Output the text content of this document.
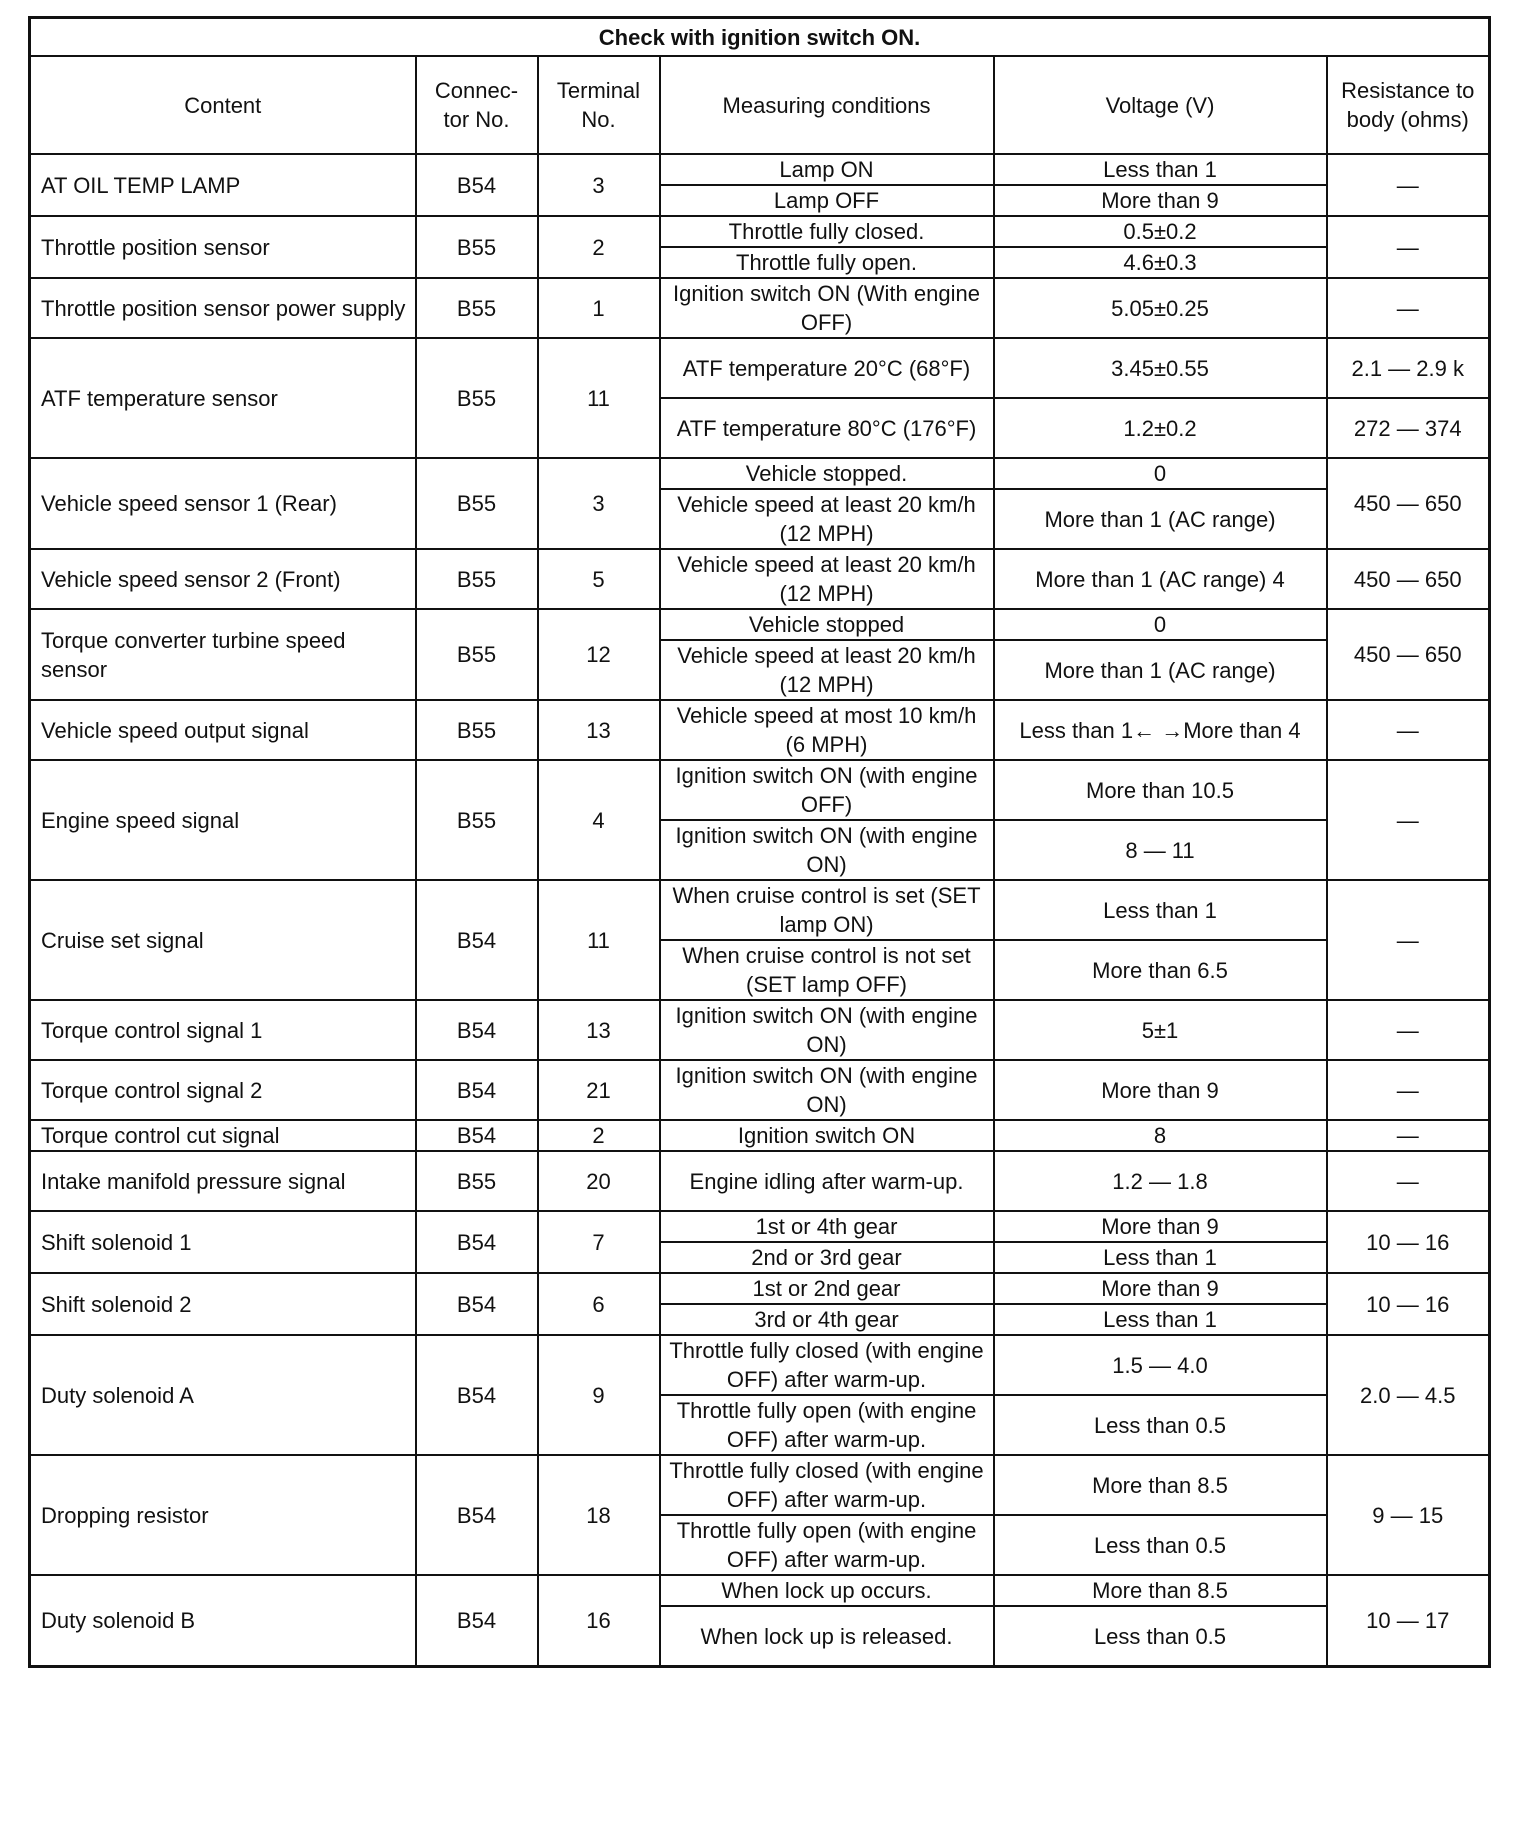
Check with ignition switch ON.					
Content	Connec- tor No.	Terminal No.	Measuring conditions	Voltage (V)	Resistance to body (ohms)
AT OIL TEMP LAMP	B54	3	Lamp ON	Less than 1	—
			Lamp OFF	More than 9	
Throttle position sensor	B55	2	Throttle fully closed.	0.5±0.2	—
			Throttle fully open.	4.6±0.3	
Throttle position sensor power supply	B55	1	Ignition switch ON (With engine OFF)	5.05±0.25	—
ATF temperature sensor	B55	11	ATF temperature 20°C (68°F)	3.45±0.55	2.1 — 2.9 k
			ATF temperature 80°C (176°F)	1.2±0.2	272 — 374
Vehicle speed sensor 1 (Rear)	B55	3	Vehicle stopped.	0	450 — 650
			Vehicle speed at least 20 km/h (12 MPH)	More than 1 (AC range)	
Vehicle speed sensor 2 (Front)	B55	5	Vehicle speed at least 20 km/h (12 MPH)	More than 1 (AC range) 4	450 — 650
Torque converter turbine speed sensor	B55	12	Vehicle stopped	0	450 — 650
			Vehicle speed at least 20 km/h (12 MPH)	More than 1 (AC range)	
Vehicle speed output signal	B55	13	Vehicle speed at most 10 km/h (6 MPH)	Less than 1← →More than 4	—
Engine speed signal	B55	4	Ignition switch ON (with engine OFF)	More than 10.5	—
			Ignition switch ON (with engine ON)	8 — 11	
Cruise set signal	B54	11	When cruise control is set (SET lamp ON)	Less than 1	—
			When cruise control is not set (SET lamp OFF)	More than 6.5	
Torque control signal 1	B54	13	Ignition switch ON (with engine ON)	5±1	—
Torque control signal 2	B54	21	Ignition switch ON (with engine ON)	More than 9	—
Torque control cut signal	B54	2	Ignition switch ON	8	—
Intake manifold pressure signal	B55	20	Engine idling after warm-up.	1.2 — 1.8	—
Shift solenoid 1	B54	7	1st or 4th gear	More than 9	10 — 16
			2nd or 3rd gear	Less than 1	
Shift solenoid 2	B54	6	1st or 2nd gear	More than 9	10 — 16
			3rd or 4th gear	Less than 1	
Duty solenoid A	B54	9	Throttle fully closed (with engine OFF) after warm-up.	1.5 — 4.0	2.0 — 4.5
			Throttle fully open (with engine OFF) after warm-up.	Less than 0.5	
Dropping resistor	B54	18	Throttle fully closed (with engine OFF) after warm-up.	More than 8.5	9 — 15
			Throttle fully open (with engine OFF) after warm-up.	Less than 0.5	
Duty solenoid B	B54	16	When lock up occurs.	More than 8.5	10 — 17
			When lock up is released.	Less than 0.5	
